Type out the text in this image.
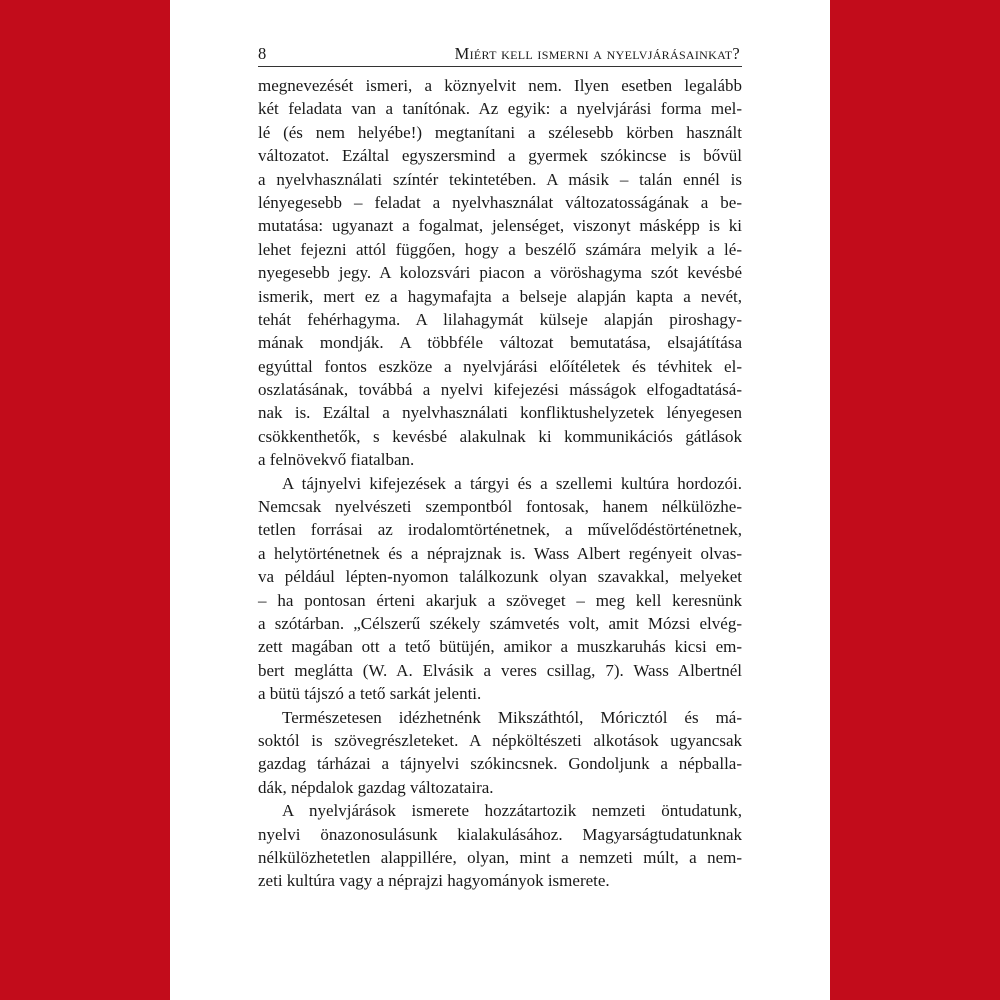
8	Miért kell ismerni a nyelvjárásainkat?
megnevezését ismeri, a köznyelvit nem. Ilyen esetben legalább
két feladata van a tanítónak. Az egyik: a nyelvjárási forma mel-
lé (és nem helyébe!) megtanítani a szélesebb körben használt
változatot. Ezáltal egyszersmind a gyermek szókincse is bővül
a nyelvhasználati színtér tekintetében. A másik – talán ennél is
lényegesebb – feladat a nyelvhasználat változatosságának a be-
mutatása: ugyanazt a fogalmat, jelenséget, viszonyt másképp is ki
lehet fejezni attól függően, hogy a beszélő számára melyik a lé-
nyegesebb jegy. A kolozsvári piacon a vöröshagyma szót kevésbé
ismerik, mert ez a hagymafajta a belseje alapján kapta a nevét,
tehát fehérhagyma. A lilahagymát külseje alapján piroshagy-
mának mondják. A többféle változat bemutatása, elsajátítása
egyúttal fontos eszköze a nyelvjárási előítéletek és tévhitek el-
oszlatásának, továbbá a nyelvi kifejezési másságok elfogadtatásá-
nak is. Ezáltal a nyelvhasználati konfliktushelyzetek lényegesen
csökkenthetők, s kevésbé alakulnak ki kommunikációs gátlások
a felnövekvő fiatalban.
A tájnyelvi kifejezések a tárgyi és a szellemi kultúra hordozói.
Nemcsak nyelvészeti szempontból fontosak, hanem nélkülözhe-
tetlen forrásai az irodalomtörténetnek, a művelődéstörténetnek,
a helytörténetnek és a néprajznak is. Wass Albert regényeit olvas-
va például lépten-nyomon találkozunk olyan szavakkal, melyeket
– ha pontosan érteni akarjuk a szöveget – meg kell keresnünk
a szótárban. „Célszerű székely számvetés volt, amit Mózsi elvég-
zett magában ott a tető bütüjén, amikor a muszkaruhás kicsi em-
bert meglátta (W. A. Elvásik a veres csillag, 7). Wass Albertnél
a bütü tájszó a tető sarkát jelenti.
Természetesen idézhetnénk Mikszáthtól, Móricztól és má-
soktól is szövegrészleteket. A népköltészeti alkotások ugyancsak
gazdag tárházai a tájnyelvi szókincsnek. Gondoljunk a népballa-
dák, népdalok gazdag változataira.
A nyelvjárások ismerete hozzátartozik nemzeti öntudatunk,
nyelvi önazonosulásunk kialakulásához. Magyarságtudatunknak
nélkülözhetetlen alappillére, olyan, mint a nemzeti múlt, a nem-
zeti kultúra vagy a néprajzi hagyományok ismerete.
